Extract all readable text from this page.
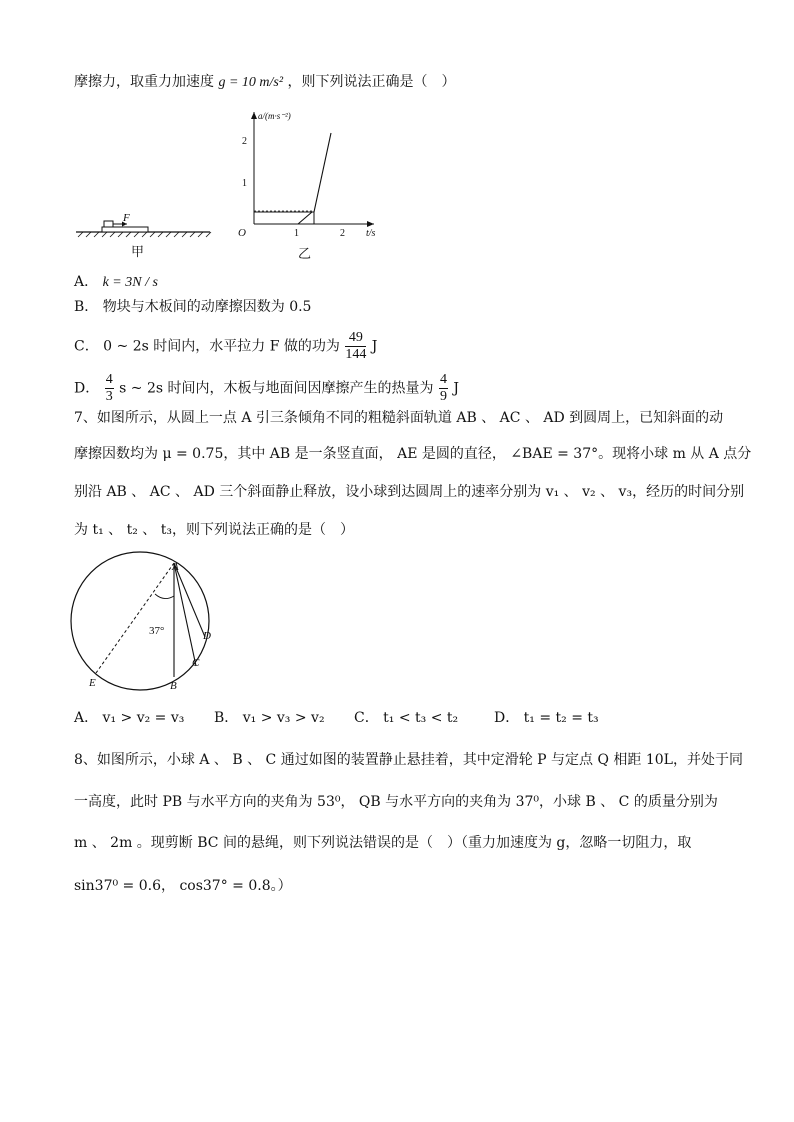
摩擦力，取重力加速度 g = 10 m/s² ，则下列说法正确是（　）
F
甲
a/(m·s⁻²)
t/s
O
1
2
1	2
乙
A． k = 3N / s
B． 物块与木板间的动摩擦因数为 0.5
C． 0 ~ 2s 时间内，水平拉力 F 做的功为 $\frac{49}{144}$ J
D． $\frac{4}{3}$ s ~ 2s 时间内，木板与地面间因摩擦产生的热量为 $\frac{4}{9}$ J
7、如图所示，从圆上一点 A 引三条倾角不同的粗糙斜面轨道 AB 、 AC 、 AD 到圆周上，已知斜面的动
摩擦因数均为 μ = 0.75，其中 AB 是一条竖直面， AE 是圆的直径， ∠BAE = 37°。现将小球 m 从 A 点分
别沿 AB 、 AC 、 AD 三个斜面静止释放，设小球到达圆周上的速率分别为 v₁ 、 v₂ 、 v₃，经历的时间分别
为 t₁ 、 t₂ 、 t₃，则下列说法正确的是（　）
A
B
C
D
E
37°
A． v₁ > v₂ = v₃ B． v₁ > v₃ > v₂ C． t₁ < t₃ < t₂	D． t₁ = t₂ = t₃
8、如图所示，小球 A 、 B 、 C 通过如图的装置静止悬挂着，其中定滑轮 P 与定点 Q 相距 10L，并处于同
一高度，此时 PB 与水平方向的夹角为 53⁰， QB 与水平方向的夹角为 37⁰，小球 B 、 C 的质量分别为
m 、 2m 。现剪断 BC 间的悬绳，则下列说法错误的是（　）（重力加速度为 g，忽略一切阻力，取
sin37⁰ = 0.6， cos37° = 0.8。）
